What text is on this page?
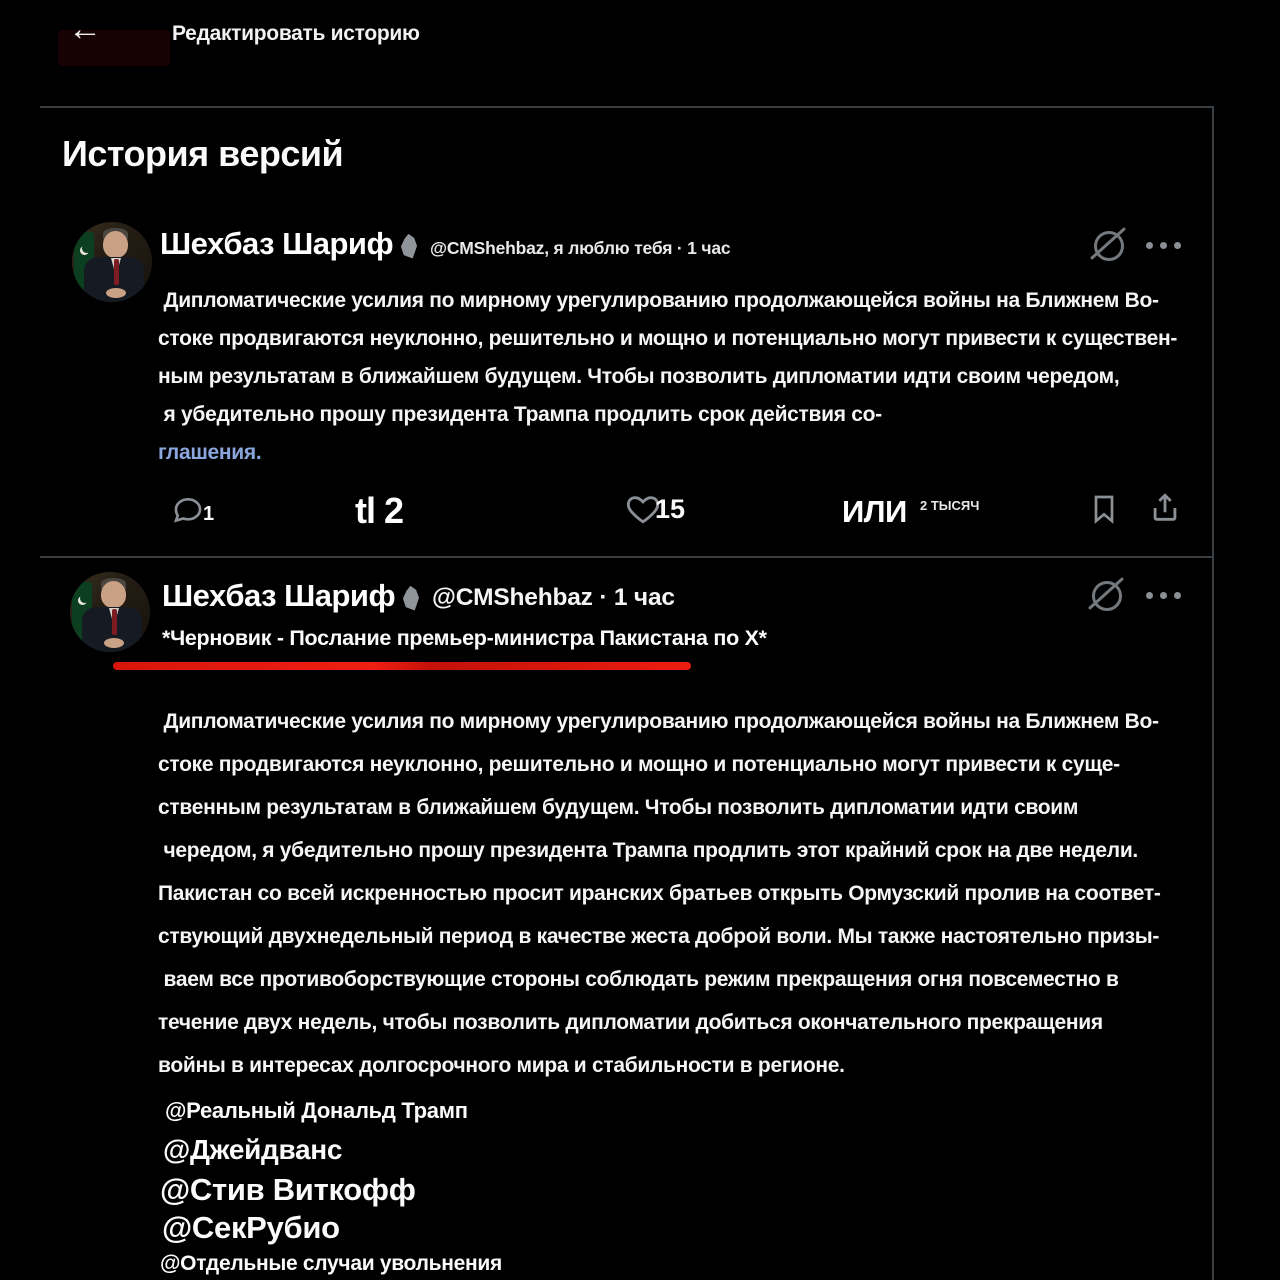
←	Редактировать историю
История версий
Шехбаз Шариф @CMShehbaz, я люблю тебя · 1 час
Дипломатические усилия по мирному урегулированию продолжающейся войны на Ближнем Во-
стоке продвигаются неуклонно, решительно и мощно и потенциально могут привести к существен-
ным результатам в ближайшем будущем. Чтобы позволить дипломатии идти своим чередом,
я убедительно прошу президента Трампа продлить срок действия со-
глашения.
1	tl 2	15	ИЛИ 2 ТЫСЯЧ
Шехбаз Шариф @CMShehbaz · 1 час
*Черновик - Послание премьер-министра Пакистана по X*
Дипломатические усилия по мирному урегулированию продолжающейся войны на Ближнем Во-
стоке продвигаются неуклонно, решительно и мощно и потенциально могут привести к суще-
ственным результатам в ближайшем будущем. Чтобы позволить дипломатии идти своим
чередом, я убедительно прошу президента Трампа продлить этот крайний срок на две недели.
Пакистан со всей искренностью просит иранских братьев открыть Ормузский пролив на соответ-
ствующий двухнедельный период в качестве жеста доброй воли. Мы также настоятельно призы-
ваем все противоборствующие стороны соблюдать режим прекращения огня повсеместно в
течение двух недель, чтобы позволить дипломатии добиться окончательного прекращения
войны в интересах долгосрочного мира и стабильности в регионе.
@Реальный Дональд Трамп
@Джейдванс
@Стив Виткофф
@СекРубио
@Отдельные случаи увольнения
